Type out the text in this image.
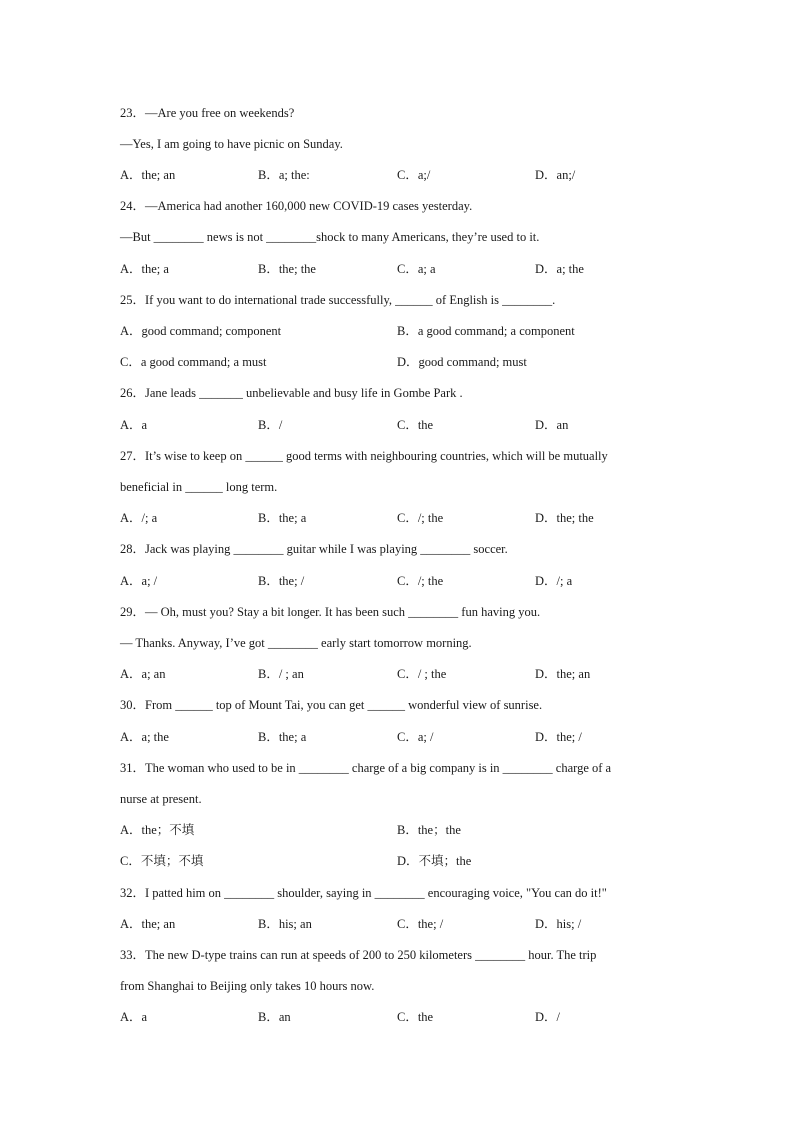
23．—Are you free on weekends?
—Yes, I am going to have picnic on Sunday.
A．the; an	B．a; the:	C．a;/	D．an;/
24．—America had another 160,000 new COVID-19 cases yesterday.
—But ________ news is not ________shock to many Americans, they’re used to it.
A．the; a	B．the; the	C．a; a	D．a; the
25．If you want to do international trade successfully, ______ of English is ________.
A．good command; component	B．a good command; a component
C．a good command; a must	D．good command; must
26．Jane leads _______ unbelievable and busy life in Gombe Park .
A．a	B．/	C．the	D．an
27．It’s wise to keep on ______ good terms with neighbouring countries, which will be mutually
beneficial in ______ long term.
A．/; a	B．the; a	C．/; the	D．the; the
28．Jack was playing ________ guitar while I was playing ________ soccer.
A．a; /	B．the; /	C．/; the	D．/; a
29．— Oh, must you? Stay a bit longer. It has been such ________ fun having you.
— Thanks. Anyway, I’ve got ________ early start tomorrow morning.
A．a; an	B．/ ; an	C．/ ; the	D．the; an
30．From ______ top of Mount Tai, you can get ______ wonderful view of sunrise.
A．a; the	B．the; a	C．a; /	D．the; /
31．The woman who used to be in ________ charge of a big company is in ________ charge of a
nurse at present.
A．the；不填	B．the；the
C．不填；不填	D．不填；the
32．I patted him on ________ shoulder, saying in ________ encouraging voice, "You can do it!"
A．the; an	B．his; an	C．the; /	D．his; /
33．The new D-type trains can run at speeds of 200 to 250 kilometers ________ hour. The trip
from Shanghai to Beijing only takes 10 hours now.
A．a	B．an	C．the	D．/
